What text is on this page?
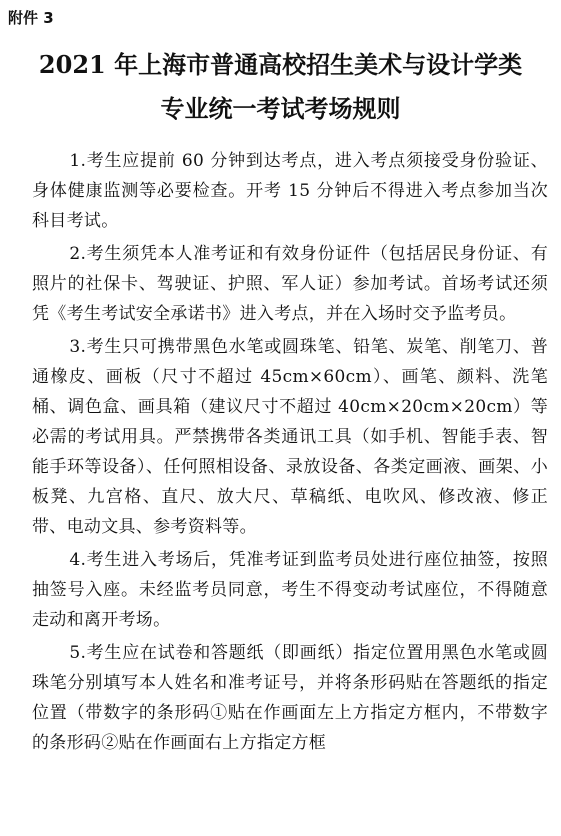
附件 3
2021 年上海市普通高校招生美术与设计学类
专业统一考试考场规则

1.考生应提前 60 分钟到达考点，进入考点须接受身份验证、身体健康监测等必要检查。开考 15 分钟后不得进入考点参加当次科目考试。

2.考生须凭本人准考证和有效身份证件（包括居民身份证、有照片的社保卡、驾驶证、护照、军人证）参加考试。首场考试还须凭《考生考试安全承诺书》进入考点，并在入场时交予监考员。

3.考生只可携带黑色水笔或圆珠笔、铅笔、炭笔、削笔刀、普通橡皮、画板（尺寸不超过 45cm×60cm）、画笔、颜料、洗笔桶、调色盒、画具箱（建议尺寸不超过 40cm×20cm×20cm）等必需的考试用具。严禁携带各类通讯工具（如手机、智能手表、智能手环等设备）、任何照相设备、录放设备、各类定画液、画架、小板凳、九宫格、直尺、放大尺、草稿纸、电吹风、修改液、修正带、电动文具、参考资料等。

4.考生进入考场后，凭准考证到监考员处进行座位抽签，按照抽签号入座。未经监考员同意，考生不得变动考试座位，不得随意走动和离开考场。

5.考生应在试卷和答题纸（即画纸）指定位置用黑色水笔或圆珠笔分别填写本人姓名和准考证号，并将条形码贴在答题纸的指定位置（带数字的条形码①贴在作画面左上方指定方框内，不带数字的条形码②贴在作画面右上方指定方框
